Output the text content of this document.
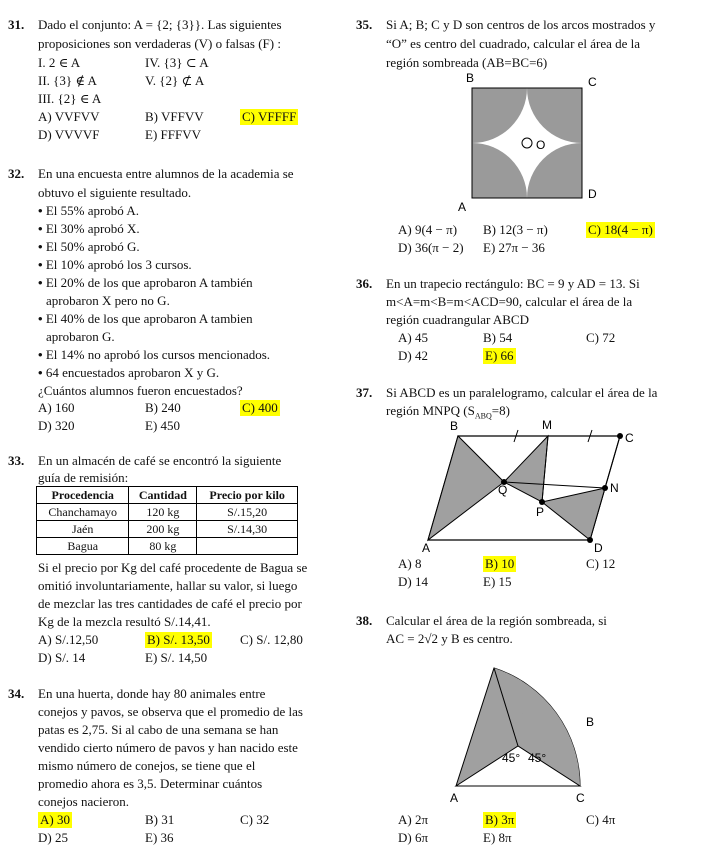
31. Dado el conjunto: A = {2; {3}}. Las siguientes
proposiciones son verdaderas (V) o falsas (F) :
I. 2 ∈ A	IV. {3} ⊂ A
II. {3} ∉ A	V. {2} ⊄ A
III. {2} ∈ A
A) VVFVV	B) VFFVV	C) VFFFF
D) VVVVF	E) FFFVV
32. En una encuesta entre alumnos de la academia se
obtuvo el siguiente resultado.
• El 55% aprobó A.
• El 30% aprobó X.
• El 50% aprobó G.
• El 10% aprobó los 3 cursos.
• El 20% de los que aprobaron A también
aprobaron X pero no G.
• El 40% de los que aprobaron A tambien
aprobaron G.
• El 14% no aprobó los cursos mencionados.
• 64 encuestados aprobaron X y G.
¿Cuántos alumnos fueron encuestados?
A) 160	B) 240	C) 400
D) 320	E) 450
33. En un almacén de café se encontró la siguiente
guía de remisión:
Procedencia	Cantidad	Precio por kilo
Chanchamayo	120 kg	S/.15,20
Jaén	200 kg	S/.14,30
Bagua	80 kg	
Si el precio por Kg del café procedente de Bagua se
omitió involuntariamente, hallar su valor, si luego
de mezclar las tres cantidades de café el precio por
Kg de la mezcla resultó S/.14,41.
A) S/.12,50	B) S/. 13,50 C) S/. 12,80
D) S/. 14	E) S/. 14,50
34. En una huerta, donde hay 80 animales entre
conejos y pavos, se observa que el promedio de las
patas es 2,75. Si al cabo de una semana se han
vendido cierto número de pavos y han nacido este
mismo número de conejos, se tiene que el
promedio ahora es 3,5. Determinar cuántos
conejos nacieron.
A) 30	B) 31	C) 32
D) 25	E) 36
35. Si A; B; C y D son centros de los arcos mostrados y
“O” es centro del cuadrado, calcular el área de la
región sombreada (AB=BC=6)
B	C
O
D
A
A) 9(4 − π) B) 12(3 − π)	C) 18(4 − π)
D) 36(π − 2) E) 27π − 36
36. En un trapecio rectángulo: BC = 9 y AD = 13. Si
m<A=m<B=m<ACD=90, calcular el área de la
región cuadrangular ABCD
A) 45	B) 54	C) 72
D) 42	E) 66
37. Si ABCD es un paralelogramo, calcular el área de la
región MNPQ $(S_{ABQ}=8)$
B	M
C
Q	N
P
A	D
A) 8	B) 10	C) 12
D) 14	E) 15
38. Calcular el área de la región sombreada, si
AC = 2√2 y B es centro.
B
45° 45°
A	C
A) 2π	B) 3π	C) 4π
D) 6π	E) 8π
